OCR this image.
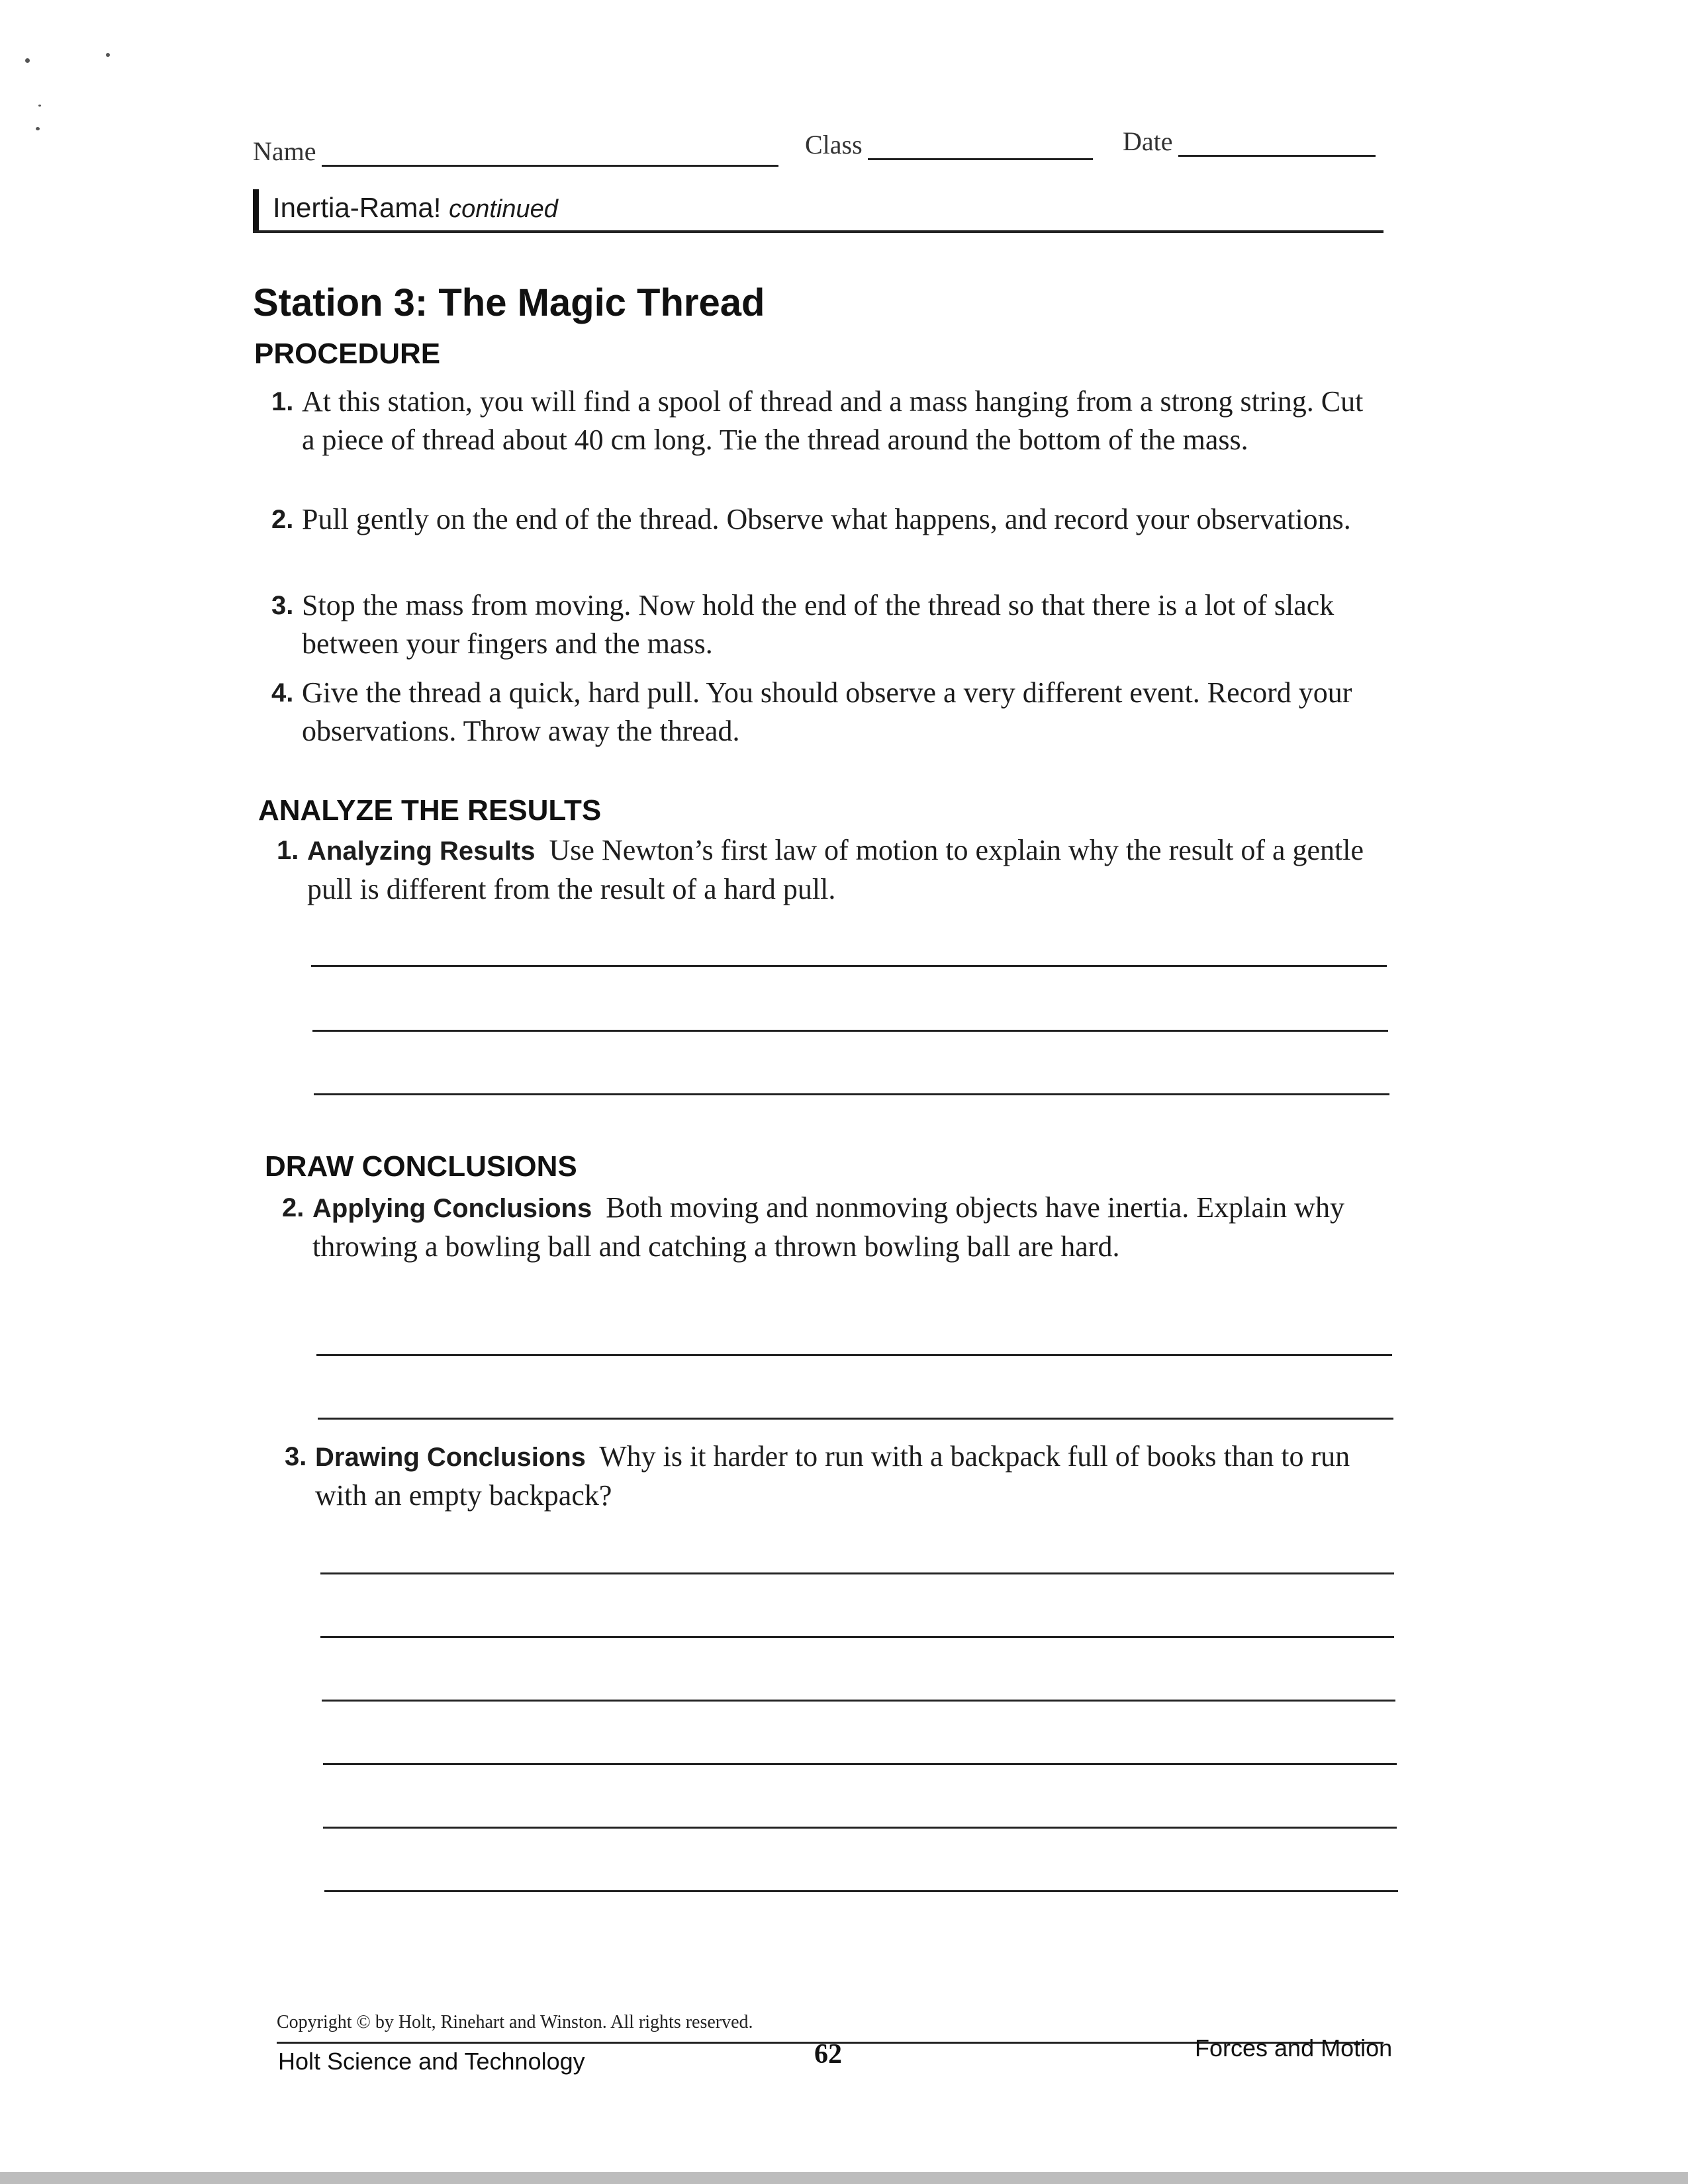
Name	Class	Date
Inertia-Rama! continued
Station 3: The Magic Thread
PROCEDURE
1. At this station, you will find a spool of thread and a mass hanging from a strong string. Cut a piece of thread about 40 cm long. Tie the thread around the bottom of the mass.
2. Pull gently on the end of the thread. Observe what happens, and record your observations.
3. Stop the mass from moving. Now hold the end of the thread so that there is a lot of slack between your fingers and the mass.
4. Give the thread a quick, hard pull. You should observe a very different event. Record your observations. Throw away the thread.
ANALYZE THE RESULTS
1. Analyzing Results Use Newton’s first law of motion to explain why the result of a gentle pull is different from the result of a hard pull.
DRAW CONCLUSIONS
2. Applying Conclusions Both moving and nonmoving objects have inertia. Explain why throwing a bowling ball and catching a thrown bowling ball are hard.
3. Drawing Conclusions Why is it harder to run with a backpack full of books than to run with an empty backpack?
Copyright © by Holt, Rinehart and Winston. All rights reserved.
Holt Science and Technology	62	Forces and Motion
